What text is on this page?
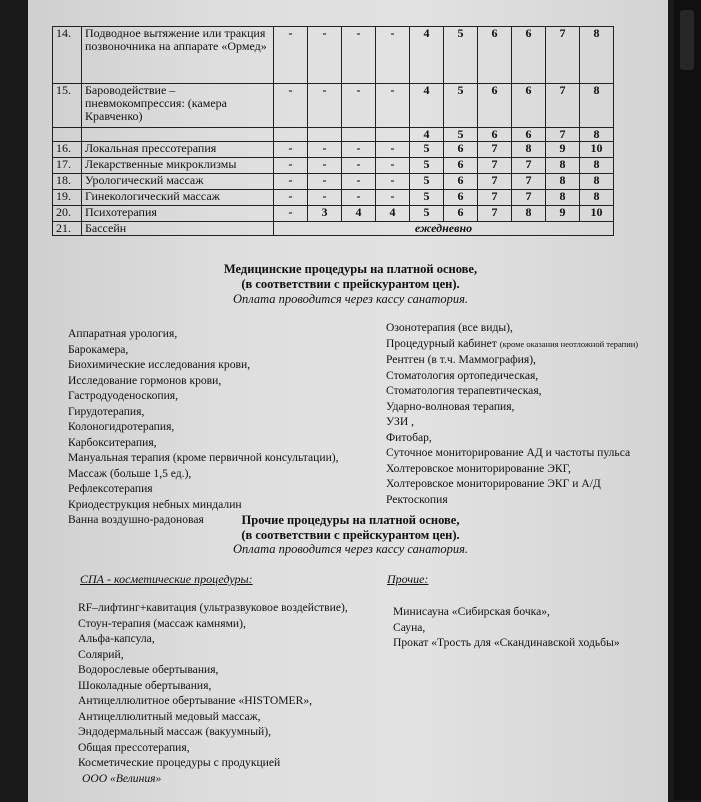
14.	Подводное вытяжение или тракция позвоночника на аппарате «Ормед»	-	-	-	-	4	5	6	6	7	8
15.	Бароводействие – пневмокомпрессия: (камера Кравченко)	-	-	-	-	4	5	6	6	7	8
						4	5	6	6	7	8
16.	Локальная прессотерапия	-	-	-	-	5	6	7	8	9	10
17.	Лекарственные микроклизмы	-	-	-	-	5	6	7	7	8	8
18.	Урологический массаж	-	-	-	-	5	6	7	7	8	8
19.	Гинекологический массаж	-	-	-	-	5	6	7	7	8	8
20.	Психотерапия	-	3	4	4	5	6	7	8	9	10
21.	Бассейн	ежедневно									
Медицинские процедуры на платной основе,
(в соответствии с прейскурантом цен).
Оплата проводится через кассу санатория.
Аппаратная урология,
Барокамера,
Биохимические исследования крови,
Исследование гормонов крови,
Гастродуоденоскопия,
Гирудотерапия,
Колоногидротерапия,
Карбокситерапия,
Мануальная терапия (кроме первичной консультации),
Массаж (больше 1,5 ед.),
Рефлексотерапия
Криодеструкция небных миндалин
Ванна воздушно-радоновая
Озонотерапия (все виды),
Процедурный кабинет (кроме оказания неотложной терапии)
Рентген (в т.ч. Маммография),
Стоматология ортопедическая,
Стоматология терапевтическая,
Ударно-волновая терапия,
УЗИ ,
Фитобар,
Суточное мониторирование АД и частоты пульса
Холтеровское мониторирование ЭКГ,
Холтеровское мониторирование ЭКГ и А/Д
Ректоскопия
Прочие процедуры на платной основе,
(в соответствии с прейскурантом цен).
Оплата проводится через кассу санатория.
СПА - косметические процедуры:	Прочие:
RF–лифтинг+кавитация (ультразвуковое воздействие),
Стоун-терапия (массаж камнями),
Альфа-капсула,
Солярий,
Водорослевые обертывания,
Шоколадные обертывания,
Антицеллюлитное обертывание «HISTOMER»,
Антицеллюлитный медовый массаж,
Эндодермальный массаж (вакуумный),
Общая прессотерапия,
Косметические процедуры с продукцией
ООО «Велиния»
Минисауна «Сибирская бочка»,
Сауна,
Прокат «Трость для «Скандинавской ходьбы»
